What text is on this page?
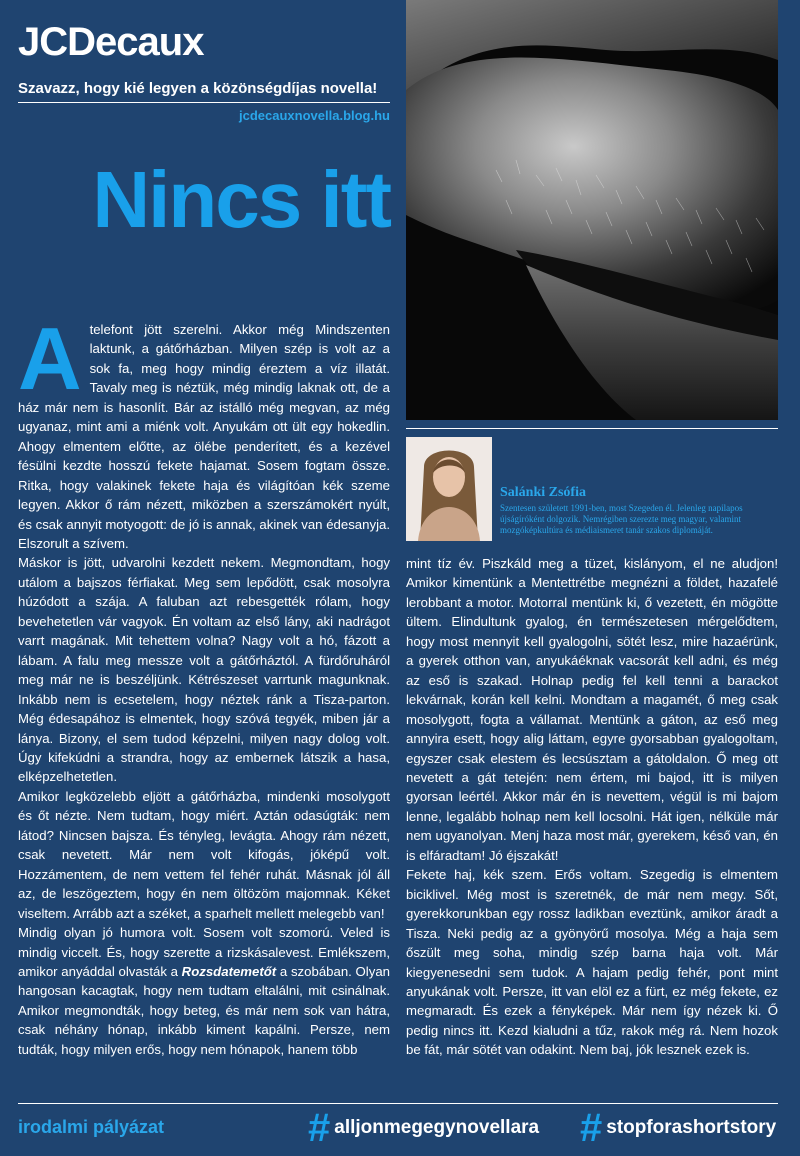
JCDecaux
Szavazz, hogy kié legyen a közönségdíjas novella!
jcdecauxnovella.blog.hu
Nincs itt
Salánki Zsófia
Szentesen született 1991-ben, most Szegeden él. Jelenleg napilapos újságíróként dolgozik. Nemrégiben szerezte meg magyar, valamint mozgóképkultúra és médiaismeret tanár szakos diplomáját.

Atelefont jött szerelni. Akkor még Mindszenten laktunk, a gátőrházban. Milyen szép is volt az a sok fa, meg hogy mindig éreztem a víz illatát. Tavaly meg is néztük, még mindig laknak ott, de a ház már nem is hasonlít. Bár az istálló még megvan, az még ugyanaz, mint ami a miénk volt. Anyukám ott ült egy hokedlin. Ahogy elmentem előtte, az ölébe penderített, és a kezével fésülni kezdte hosszú fekete hajamat. Sosem fogtam össze. Ritka, hogy valakinek fekete haja és világítóan kék szeme legyen. Akkor ő rám nézett, miközben a szerszámokért nyúlt, és csak annyit motyogott: de jó is annak, akinek van édesanyja. Elszorult a szívem.

Máskor is jött, udvarolni kezdett nekem. Megmondtam, hogy utálom a bajszos férfiakat. Meg sem lepődött, csak mosolyra húzódott a szája. A faluban azt rebesgették rólam, hogy bevehetetlen vár vagyok. Én voltam az első lány, aki nadrágot varrt magának. Mit tehettem volna? Nagy volt a hó, fázott a lábam. A falu meg messze volt a gátőrháztól. A fürdőruháról meg már ne is beszéljünk. Kétrészeset varrtunk magunknak. Inkább nem is ecsetelem, hogy néztek ránk a Tisza-parton. Még édesapához is elmentek, hogy szóvá tegyék, miben jár a lánya. Bizony, el sem tudod képzelni, milyen nagy dolog volt. Úgy kifekúdni a strandra, hogy az embernek látszik a hasa, elképzelhetetlen.

Amikor legközelebb eljött a gátőrházba, mindenki mosolygott és őt nézte. Nem tudtam, hogy miért. Aztán odasúgták: nem látod? Nincsen bajsza. És tényleg, levágta. Ahogy rám nézett, csak nevetett. Már nem volt kifogás, jóképű volt. Hozzámentem, de nem vettem fel fehér ruhát. Másnak jól áll az, de leszögeztem, hogy én nem öltözöm majomnak. Kéket viseltem. Arrább azt a széket, a sparhelt mellett melegebb van!

Mindig olyan jó humora volt. Sosem volt szomorú. Veled is mindig viccelt. És, hogy szerette a rizskásalevest. Emlékszem, amikor anyáddal olvasták a Rozsdatemetőt a szobában. Olyan hangosan kacagtak, hogy nem tudtam eltalálni, mit csinálnak. Amikor megmondták, hogy beteg, és már nem sok van hátra, csak néhány hónap, inkább kiment kapálni. Persze, nem tudták, hogy milyen erős, hogy nem hónapok, hanem több

mint tíz év. Piszkáld meg a tüzet, kislányom, el ne aludjon! Amikor kimentünk a Mentettrétbe megnézni a földet, hazafelé lerobbant a motor. Motorral mentünk ki, ő vezetett, én mögötte ültem. Elindultunk gyalog, én természetesen mérgelődtem, hogy most mennyit kell gyalogolni, sötét lesz, mire hazaérünk, a gyerek otthon van, anyukáéknak vacsorát kell adni, és még az eső is szakad. Holnap pedig fel kell tenni a barackot lekvárnak, korán kell kelni. Mondtam a magamét, ő meg csak mosolygott, fogta a vállamat. Mentünk a gáton, az eső meg annyira esett, hogy alig láttam, egyre gyorsabban gyalogoltam, egyszer csak elestem és lecsúsztam a gátoldalon. Ő meg ott nevetett a gát tetején: nem értem, mi bajod, itt is milyen gyorsan leértél. Akkor már én is nevettem, végül is mi bajom lenne, legalább holnap nem kell locsolni. Hát igen, nélküle már nem ugyanolyan. Menj haza most már, gyerekem, késő van, én is elfáradtam! Jó éjszakát!

Fekete haj, kék szem. Erős voltam. Szegedig is elmentem biciklivel. Még most is szeretnék, de már nem megy. Sőt, gyerekkorunkban egy rossz ladikban eveztünk, amikor áradt a Tisza. Neki pedig az a gyönyörű mosolya. Még a haja sem őszült meg soha, mindig szép barna haja volt. Már kiegyenesedni sem tudok. A hajam pedig fehér, pont mint anyukának volt. Persze, itt van elöl ez a fürt, ez még fekete, ez megmaradt. És ezek a fényképek. Már nem így nézek ki. Ő pedig nincs itt. Kezd kialudni a tűz, rakok még rá. Nem hozok be fát, már sötét van odakint. Nem baj, jók lesznek ezek is.

irodalmi pályázat	# alljonmegegynovellara # stopforashortstory
